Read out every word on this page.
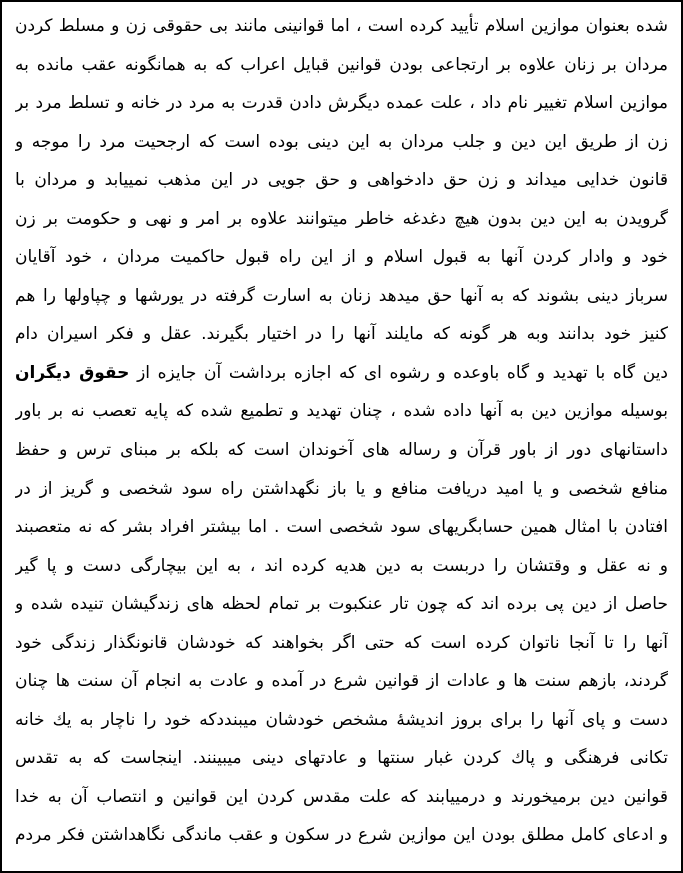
شده بعنوان موازین اسلام تأیید کرده است ، اما قوانینی مانند بی حقوقی زن و مسلط کردن
مردان بر زنان علاوه بر ارتجاعی بودن قوانین قبایل اعراب که به همانگونه عقب مانده به
موازین اسلام تغییر نام داد ، علت عمده دیگرش دادن قدرت به مرد در خانه و تسلط مرد بر
زن از طریق این دین و جلب مردان به این دینی بوده است که ارجحیت مرد را موجه و
قانون خدایی میداند و زن حق دادخواهی و حق جویی در این مذهب نمییابد و مردان با
گرویدن به این دین بدون هیچ دغدغه خاطر میتوانند علاوه بر امر و نهی و حکومت بر زن
خود و وادار کردن آنها به قبول اسلام و از این راه قبول حاکمیت مردان ، خود آقایان
سرباز دینی بشوند که به آنها حق میدهد زنان به اسارت گرفته در یورشها و چپاولها را هم
کنیز خود بدانند وبه هر گونه که مایلند آنها را در اختیار بگیرند. عقل و فکر اسیران دام
دین گاه با تهدید و گاه باوعده و رشوه ای که اجازه برداشت آن جایزه از حقوق دیگران
بوسیله موازین دین به آنها داده شده ، چنان تهدید و تطمیع شده که پایه تعصب نه بر باور
داستانهای دور از باور قرآن و رساله های آخوندان است که بلکه بر مبنای ترس و حفظ
منافع شخصی و یا امید دریافت منافع و یا باز نگهداشتن راه سود شخصی و گریز از در
افتادن با امثال همین حسابگریهای سود شخصی است . اما بیشتر افراد بشر که نه متعصبند
و نه عقل و وقتشان را دربست به دین هدیه کرده اند ، به این بیچارگی دست و پا گیر
حاصل از دین پی برده اند که چون تار عنکبوت بر تمام لحظه های زندگیشان تنیده شده و
آنها را تا آنجا ناتوان کرده است که حتی اگر بخواهند که خودشان قانونگذار زندگی خود
گردند، بازهم سنت ها و عادات از قوانین شرع در آمده و عادت به انجام آن سنت ها چنان
دست و پای آنها را برای بروز اندیشهٔ مشخص خودشان میبنددکه خود را ناچار به یك خانه
تکانی فرهنگی و پاك کردن غبار سنتها و عادتهای دینی میبینند. اینجاست که به تقدس
قوانین دین برمیخورند و درمییابند که علت مقدس کردن این قوانین و انتصاب آن به خدا
و ادعای کامل مطلق بودن این موازین شرع در سکون و عقب ماندگی نگاهداشتن فکر مردم
